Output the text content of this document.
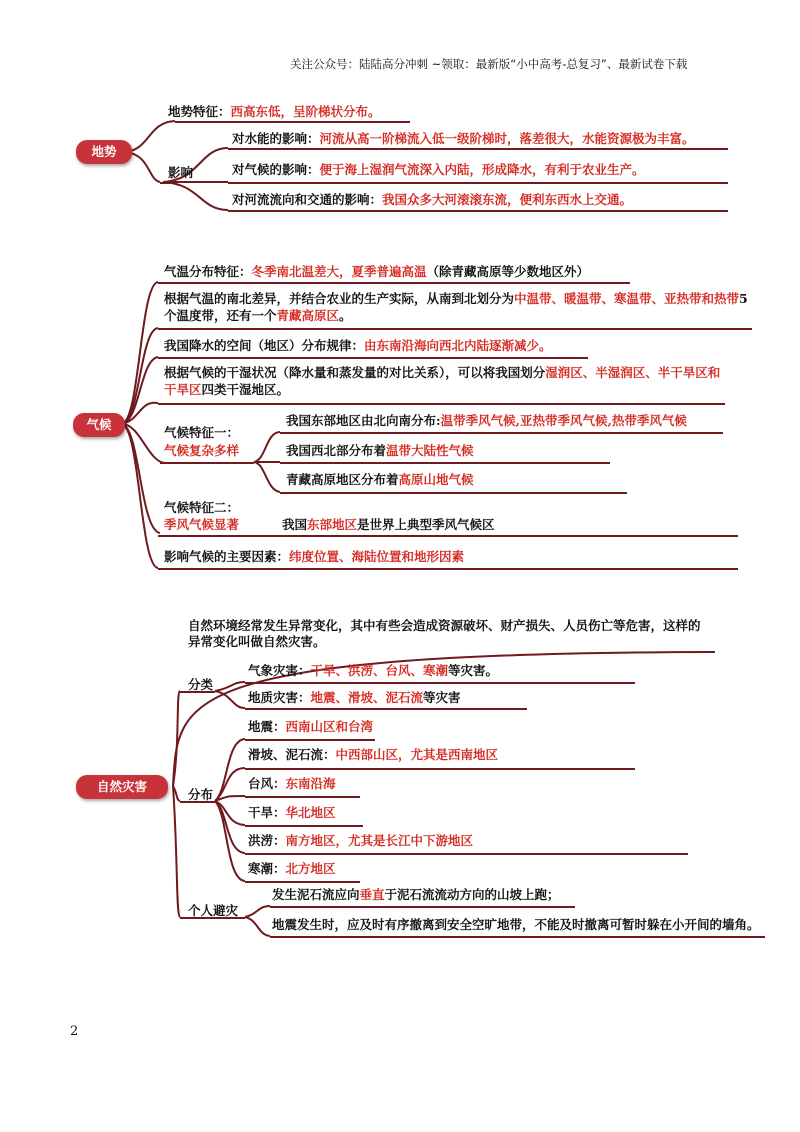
关注公众号：陆陆高分冲刺 ~领取：最新版“小中高考-总复习”、最新试卷下载
地势
地势特征：西高东低，呈阶梯状分布。
影响
对水能的影响：河流从高一阶梯流入低一级阶梯时，落差很大，水能资源极为丰富。
对气候的影响：便于海上湿润气流深入内陆，形成降水，有利于农业生产。
对河流流向和交通的影响：我国众多大河滚滚东流，便利东西水上交通。
气候
气温分布特征：冬季南北温差大，夏季普遍高温（除青藏高原等少数地区外）
根据气温的南北差异，并结合农业的生产实际，从南到北划分为中温带、暖温带、寒温带、亚热带和热带5个温度带，还有一个青藏高原区。
我国降水的空间（地区）分布规律：由东南沿海向西北内陆逐渐减少。
根据气候的干湿状况（降水量和蒸发量的对比关系），可以将我国划分湿润区、半湿润区、半干旱区和干旱区四类干湿地区。
气候特征一：
气候复杂多样
我国东部地区由北向南分布:温带季风气候,亚热带季风气候,热带季风气候
我国西北部分布着温带大陆性气候
青藏高原地区分布着高原山地气候
气候特征二：
季风气候显著	我国东部地区是世界上典型季风气候区
影响气候的主要因素：纬度位置、海陆位置和地形因素
自然灾害
自然环境经常发生异常变化，其中有些会造成资源破坏、财产损失、人员伤亡等危害，这样的
异常变化叫做自然灾害。
分类
气象灾害：干旱、洪涝、台风、寒潮等灾害。
地质灾害：地震、滑坡、泥石流等灾害
分布
地震：西南山区和台湾
滑坡、泥石流：中西部山区，尤其是西南地区
台风：东南沿海
干旱：华北地区
洪涝：南方地区，尤其是长江中下游地区
寒潮：北方地区
个人避灾
发生泥石流应向垂直于泥石流流动方向的山坡上跑；
地震发生时，应及时有序撤离到安全空旷地带，不能及时撤离可暂时躲在小开间的墙角。
2
